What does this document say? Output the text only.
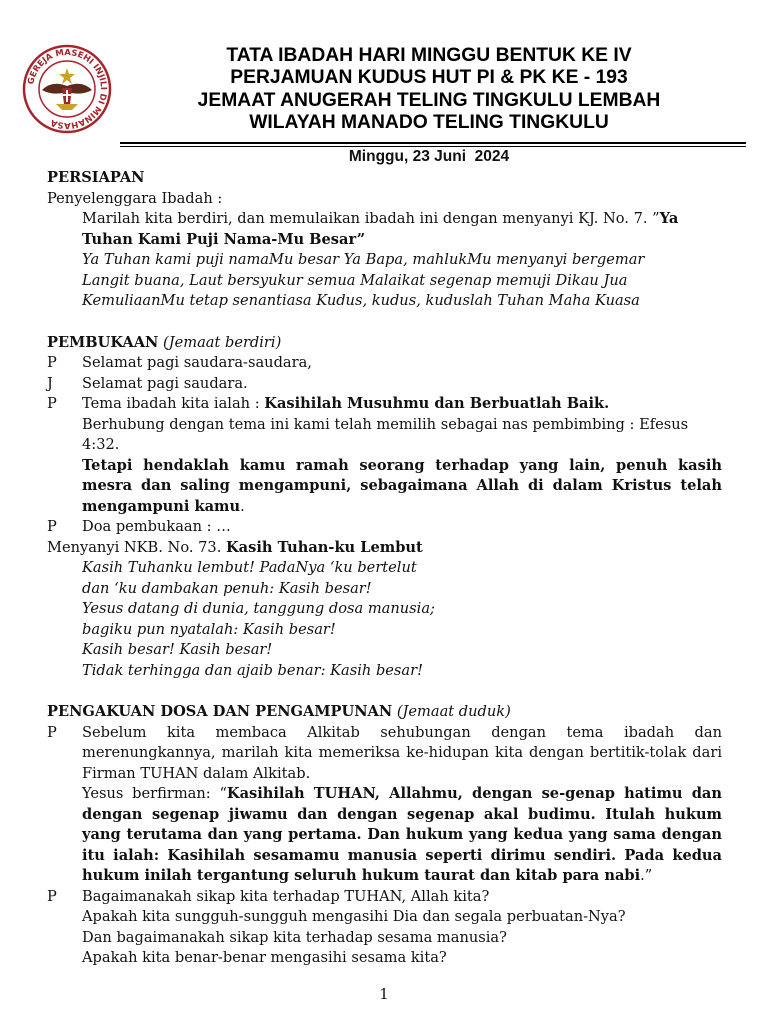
GEREJA MASEHI INJILI DI MINAHASA
TATA IBADAH HARI MINGGU BENTUK KE IV
PERJAMUAN KUDUS HUT PI & PK KE - 193
JEMAAT ANUGERAH TELING TINGKULU LEMBAH
WILAYAH MANADO TELING TINGKULU
Minggu, 23 Juni  2024
PERSIAPAN
Penyelenggara Ibadah :
Marilah kita berdiri, dan memulaikan ibadah ini dengan menyanyi KJ. No. 7. ”Ya Tuhan Kami Puji Nama-Mu Besar”
Ya Tuhan kami puji namaMu besar Ya Bapa, mahlukMu menyanyi bergemar
Langit buana, Laut bersyukur semua Malaikat segenap memuji Dikau Jua
KemuliaanMu tetap senantiasa Kudus, kudus, kuduslah Tuhan Maha Kuasa
PEMBUKAAN (Jemaat berdiri)
P	Selamat pagi saudara-saudara,
J	Selamat pagi saudara.
P	Tema ibadah kita ialah : Kasihilah Musuhmu dan Berbuatlah Baik.
Berhubung dengan tema ini kami telah memilih sebagai nas pembimbing : Efesus 4:32.
Tetapi hendaklah kamu ramah seorang terhadap yang lain, penuh kasih mesra dan saling mengampuni, sebagaimana Allah di dalam Kristus telah mengampuni kamu.
P	Doa pembukaan : …
Menyanyi NKB. No. 73. Kasih Tuhan-ku Lembut
Kasih Tuhanku lembut! PadaNya ‘ku bertelut
dan ‘ku dambakan penuh: Kasih besar!
Yesus datang di dunia, tanggung dosa manusia;
bagiku pun nyatalah: Kasih besar!
Kasih besar! Kasih besar!
Tidak terhingga dan ajaib benar: Kasih besar!
PENGAKUAN DOSA DAN PENGAMPUNAN (Jemaat duduk)
P	Sebelum kita membaca Alkitab sehubungan dengan tema ibadah dan merenungkannya, marilah kita memeriksa ke-hidupan kita dengan bertitik-tolak dari Firman TUHAN dalam Alkitab.
Yesus berfirman: “Kasihilah TUHAN, Allahmu, dengan se-genap hatimu dan dengan segenap jiwamu dan dengan segenap akal budimu. Itulah hukum yang terutama dan yang pertama. Dan hukum yang kedua yang sama dengan itu ialah: Kasihilah sesamamu manusia seperti dirimu sendiri. Pada kedua hukum inilah tergantung seluruh hukum taurat dan kitab para nabi.”
P	Bagaimanakah sikap kita terhadap TUHAN, Allah kita?
Apakah kita sungguh-sungguh mengasihi Dia dan segala perbuatan-Nya?
Dan bagaimanakah sikap kita terhadap sesama manusia?
Apakah kita benar-benar mengasihi sesama kita?
1
